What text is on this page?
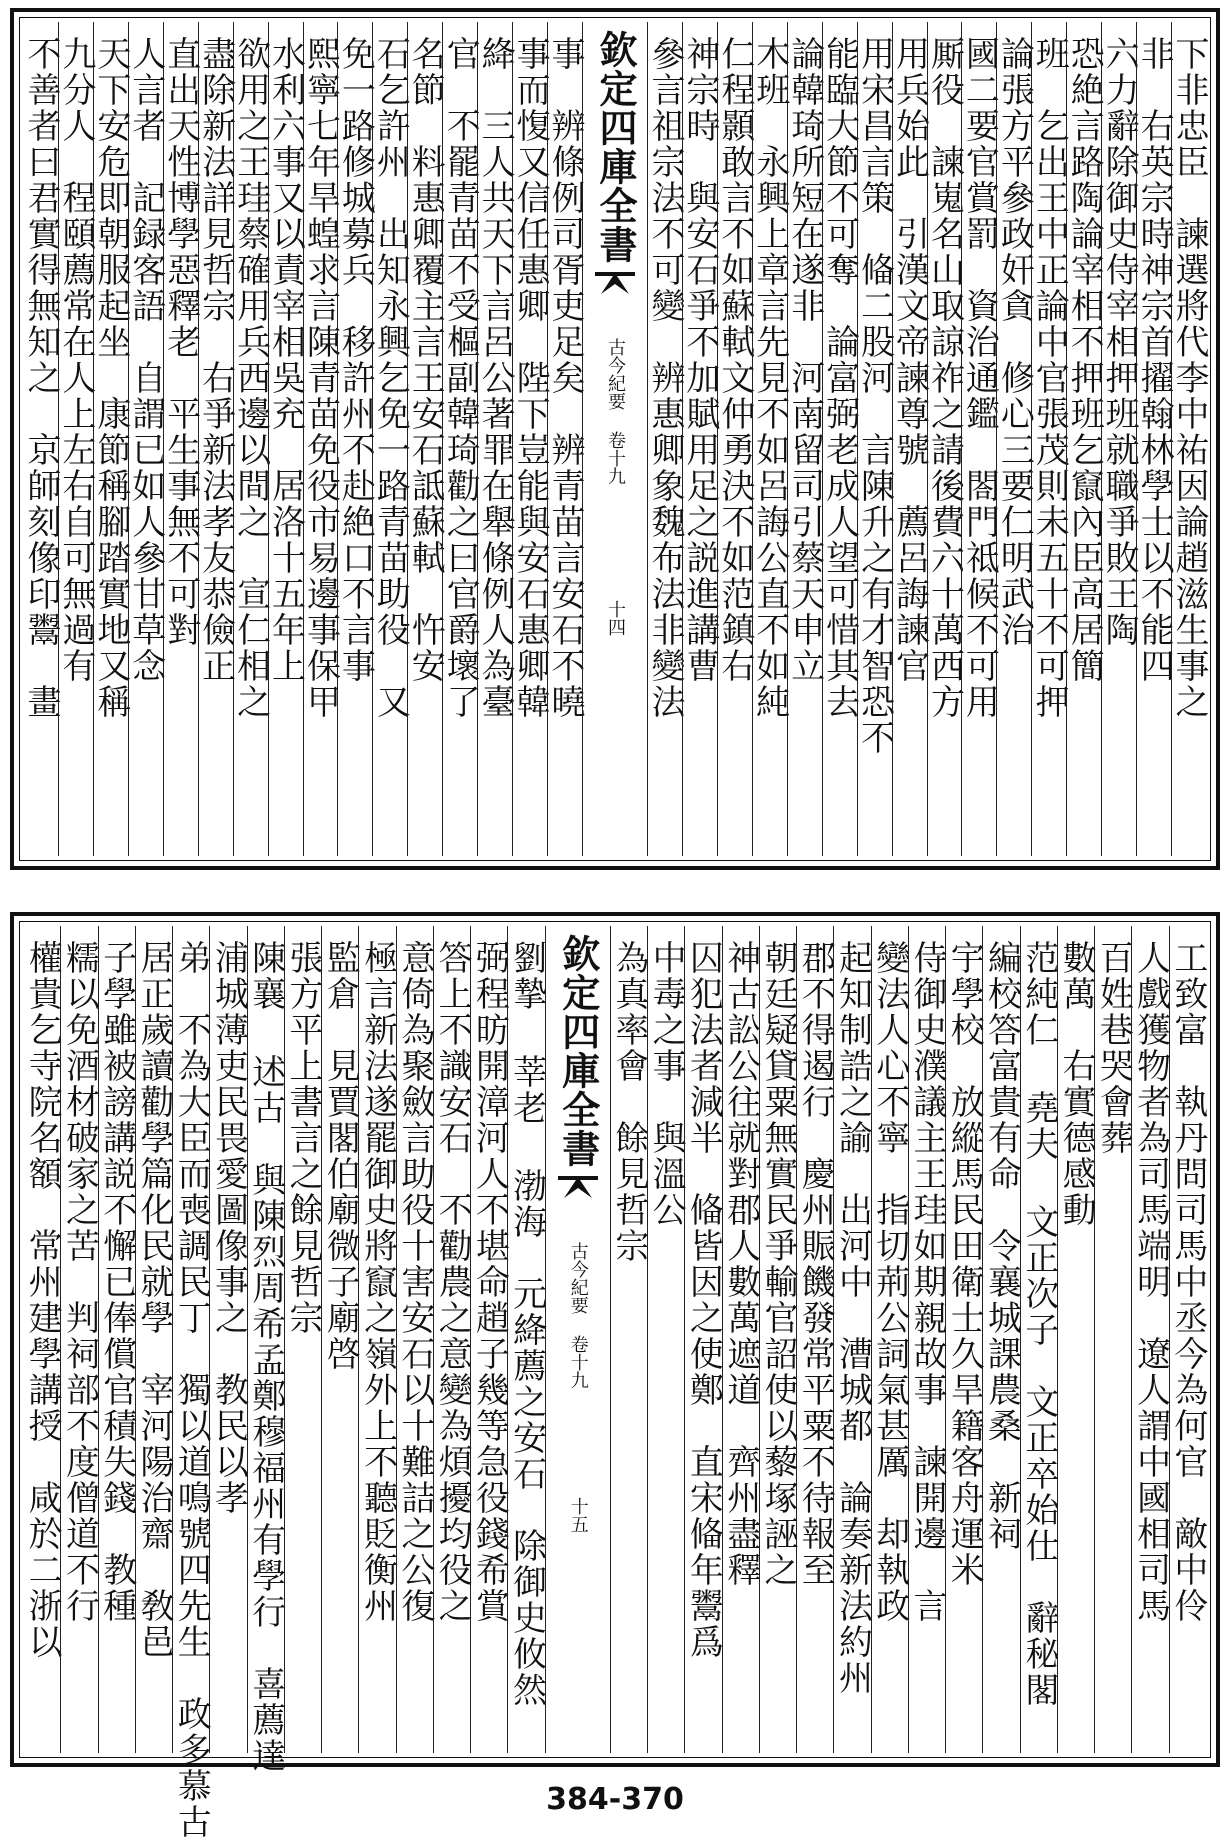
下非忠臣　諫選將代李中祐因論趙滋生事之
非　右英宗時神宗首擢翰林學士以不能四
六力辭除御史侍宰相押班就職爭敗王陶
恐絶言路陶論宰相不押班乞竄內臣高居簡
班　乞出王中正論中官張茂則未五十不可押
論張方平參政奸貪　修心三要仁明武治
國二要官賞罰　資治通鑑　閤門祗候不可用
厮役　諫嵬名山取諒祚之請後費六十萬西方
用兵始此　引漢文帝諫尊號　薦呂誨諫官
用宋昌言策　偹二股河　言陳升之有才智恐不
能臨大節不可奪　論富弼老成人望可惜其去
論韓琦所短在遂非　河南留司引蔡天申立
木班　永興上章言先見不如呂誨公直不如純
仁程顥敢言不如蘇軾文仲勇決不如范鎮右
神宗時　與安石爭不加賦用足之説進講曹
參言祖宗法不可變　辨惠卿象魏布法非變法
欽定四庫全書
古今紀要 卷十九
十四
事　辨條例司胥吏足矣　辨青苗言安石不曉
事而愎又信任惠卿　陛下豈能與安石惠卿韓
絳　三人共天下言呂公著罪在舉條例人為臺
官　不罷青苗不受樞副韓琦勸之曰官爵壞了
名節　料惠卿覆主言王安石詆蘇軾　忤安
石乞許州　出知永興乞免一路青苗助役　又
免一路修城募兵　移許州不赴絶口不言事
熙寧七年旱蝗求言陳青苗免役市易邊事保甲
水利六事又以責宰相吳充　居洛十五年上
欲用之王珪蔡確用兵西邊以間之　宣仁相之
盡除新法詳見哲宗　右爭新法孝友恭儉正
直出天性博學惡釋老　平生事無不可對
人言者　記録客語　自謂已如人參甘草念
天下安危即朝服起坐　康節稱腳踏實地又稱
九分人　程頤薦常在人上左右自可無過有
不善者曰君實得無知之　京師刻像印鬻　畫
工致富　執丹問司馬中丞今為何官　敵中伶
人戲獲物者為司馬端明　遼人謂中國相司馬
百姓巷哭會葬
數萬　右實德感動
范純仁 堯夫 文正次子　文正卒始仕　辭秘閣
編校答富貴有命　令襄城課農桑　新祠
宇學校　放縱馬民田衛士久旱籍客舟運米
侍御史濮議主王珪如期親故事　諫開邊　言
變法人心不寧　指切荊公詞氣甚厲　却執政
起知制誥之諭　出河中　漕城都　論奏新法約州
郡不得遏行　慶州賑饑發常平粟不待報至
朝廷疑貸粟無實民爭輸官詔使以藜塚誣之
神古訟公往就對郡人數萬遮道　齊州盡釋
囚犯法者減半　偹皆因之使鄭　直宋偹年鬻爲
中毒之事　與溫公
為真率會　餘見哲宗
欽定四庫全書
古今紀要 卷十九
十五
劉摯 莘老 渤海　元絳薦之安石　除御史攸然
弼程昉開漳河人不堪命趙子幾等急役錢希賞
答上不識安石　不勸農之意變為煩擾均役之
意倚為聚斂言助役十害安石以十難詰之公復
極言新法遂罷御史將竄之嶺外上不聽貶衡州
監倉　見賈閣伯廟微子廟啓
張方平上書言之餘見哲宗
陳襄 述古　與陳烈周希孟鄭穆福州有學行　喜薦達
浦城薄吏民畏愛圖像事之　教民以孝
弟　不為大臣而喪調民丁　獨以道鳴號四先生　政多慕古
居正歲讀勸學篇化民就學　宰河陽治齋　敎邑
子學雖被謗講説不懈已俸償官積失錢　教種
糯以免酒材破家之苦　判祠部不度僧道不行
權貴乞寺院名額　常州建學講授　咸於二浙以
384-370
